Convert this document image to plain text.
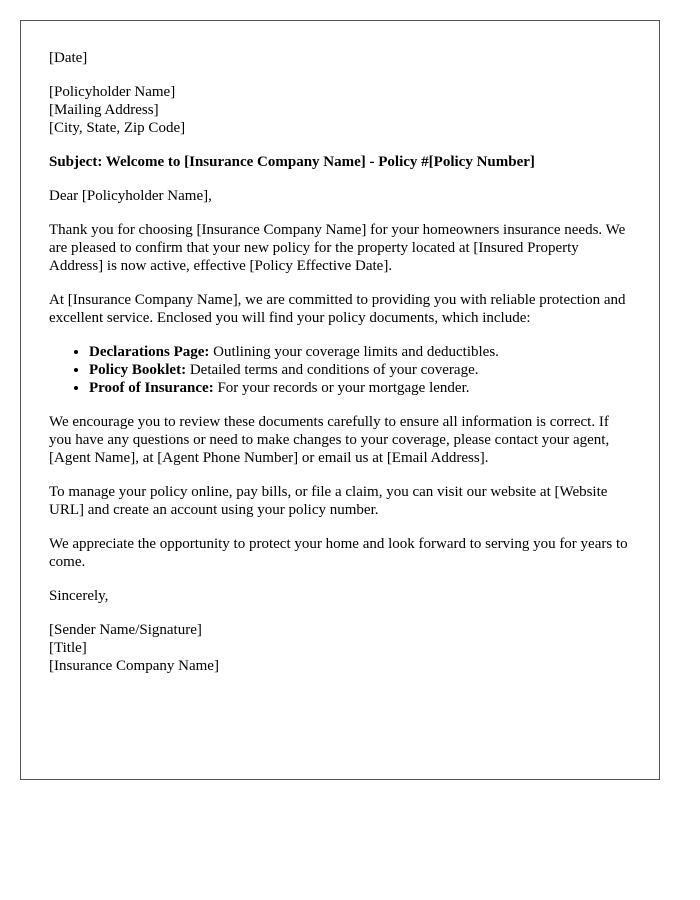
[Date]

[Policyholder Name]
[Mailing Address]
[City, State, Zip Code]

Subject: Welcome to [Insurance Company Name] - Policy #[Policy Number]

Dear [Policyholder Name],

Thank you for choosing [Insurance Company Name] for your homeowners insurance needs. We are pleased to confirm that your new policy for the property located at [Insured Property Address] is now active, effective [Policy Effective Date].

At [Insurance Company Name], we are committed to providing you with reliable protection and excellent service. Enclosed you will find your policy documents, which include:

• Declarations Page: Outlining your coverage limits and deductibles.
• Policy Booklet: Detailed terms and conditions of your coverage.
• Proof of Insurance: For your records or your mortgage lender.

We encourage you to review these documents carefully to ensure all information is correct. If you have any questions or need to make changes to your coverage, please contact your agent, [Agent Name], at [Agent Phone Number] or email us at [Email Address].

To manage your policy online, pay bills, or file a claim, you can visit our website at [Website URL] and create an account using your policy number.

We appreciate the opportunity to protect your home and look forward to serving you for years to come.

Sincerely,

[Sender Name/Signature]
[Title]
[Insurance Company Name]
